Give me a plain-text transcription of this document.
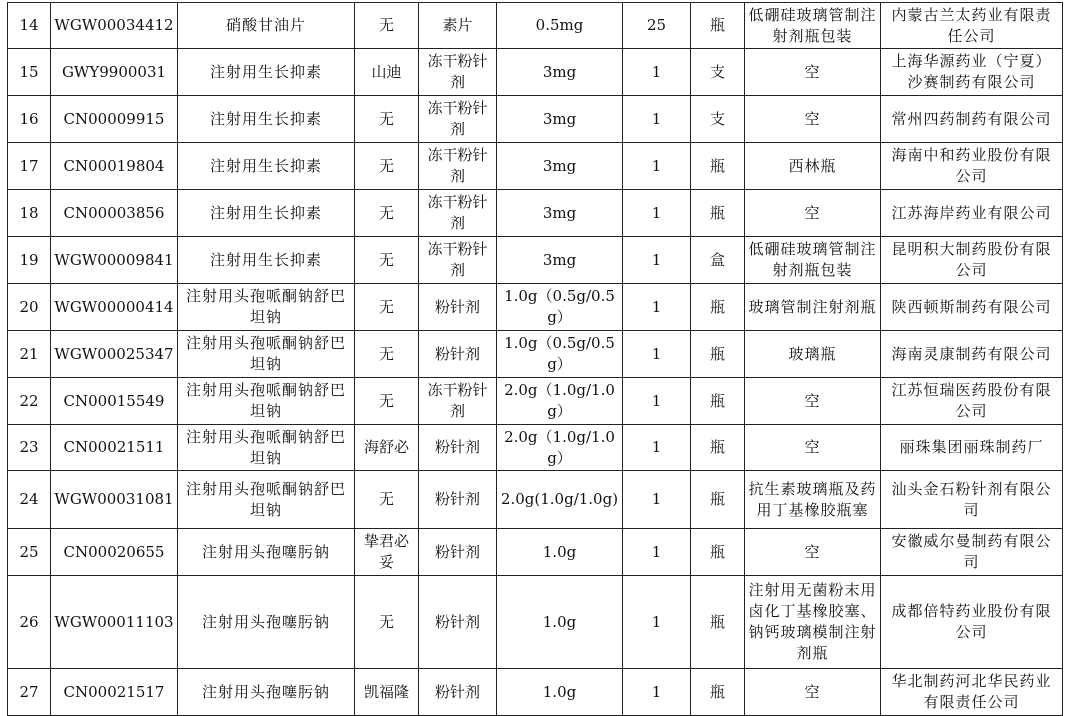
14	WGW00034412	硝酸甘油片	无	素片	0.5mg	25	瓶	低硼硅玻璃管制注射剂瓶包装	内蒙古兰太药业有限责任公司
15	GWY9900031	注射用生长抑素	山迪	冻干粉针剂	3mg	1	支	空	上海华源药业（宁夏）沙赛制药有限公司
16	CN00009915	注射用生长抑素	无	冻干粉针剂	3mg	1	支	空	常州四药制药有限公司
17	CN00019804	注射用生长抑素	无	冻干粉针剂	3mg	1	瓶	西林瓶	海南中和药业股份有限公司
18	CN00003856	注射用生长抑素	无	冻干粉针剂	3mg	1	瓶	空	江苏海岸药业有限公司
19	WGW00009841	注射用生长抑素	无	冻干粉针剂	3mg	1	盒	低硼硅玻璃管制注射剂瓶包装	昆明积大制药股份有限公司
20	WGW00000414	注射用头孢哌酮钠舒巴坦钠	无	粉针剂	1.0g（0.5g/0.5g）	1	瓶	玻璃管制注射剂瓶	陕西顿斯制药有限公司
21	WGW00025347	注射用头孢哌酮钠舒巴坦钠	无	粉针剂	1.0g（0.5g/0.5g）	1	瓶	玻璃瓶	海南灵康制药有限公司
22	CN00015549	注射用头孢哌酮钠舒巴坦钠	无	冻干粉针剂	2.0g（1.0g/1.0g）	1	瓶	空	江苏恒瑞医药股份有限公司
23	CN00021511	注射用头孢哌酮钠舒巴坦钠	海舒必	粉针剂	2.0g（1.0g/1.0g）	1	瓶	空	丽珠集团丽珠制药厂
24	WGW00031081	注射用头孢哌酮钠舒巴坦钠	无	粉针剂	2.0g(1.0g/1.0g)	1	瓶	抗生素玻璃瓶及药用丁基橡胶瓶塞	汕头金石粉针剂有限公司
25	CN00020655	注射用头孢噻肟钠	挚君必妥	粉针剂	1.0g	1	瓶	空	安徽威尔曼制药有限公司
26	WGW00011103	注射用头孢噻肟钠	无	粉针剂	1.0g	1	瓶	注射用无菌粉末用卤化丁基橡胶塞、钠钙玻璃模制注射剂瓶	成都倍特药业股份有限公司
27	CN00021517	注射用头孢噻肟钠	凯福隆	粉针剂	1.0g	1	瓶	空	华北制药河北华民药业有限责任公司
